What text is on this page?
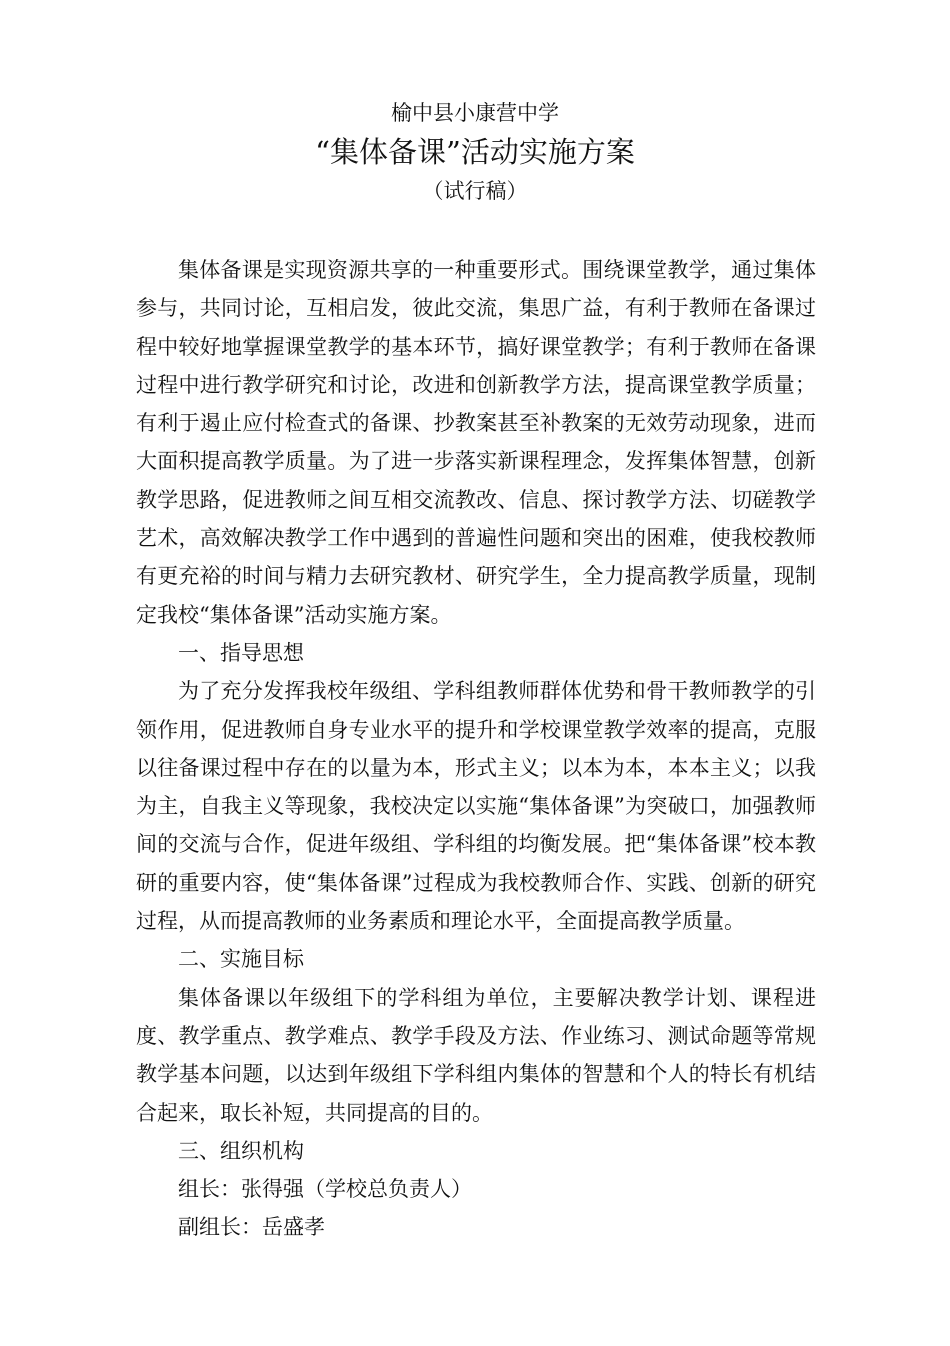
榆中县小康营中学
“集体备课”活动实施方案
（试行稿）

集体备课是实现资源共享的一种重要形式。围绕课堂教学，通过集体参与，共同讨论，互相启发，彼此交流，集思广益，有利于教师在备课过程中较好地掌握课堂教学的基本环节，搞好课堂教学；有利于教师在备课过程中进行教学研究和讨论，改进和创新教学方法，提高课堂教学质量；有利于遏止应付检查式的备课、抄教案甚至补教案的无效劳动现象，进而大面积提高教学质量。为了进一步落实新课程理念，发挥集体智慧，创新教学思路，促进教师之间互相交流教改、信息、探讨教学方法、切磋教学艺术，高效解决教学工作中遇到的普遍性问题和突出的困难，使我校教师有更充裕的时间与精力去研究教材、研究学生，全力提高教学质量，现制定我校“集体备课”活动实施方案。

一、指导思想

为了充分发挥我校年级组、学科组教师群体优势和骨干教师教学的引领作用，促进教师自身专业水平的提升和学校课堂教学效率的提高，克服以往备课过程中存在的以量为本，形式主义；以本为本，本本主义；以我为主，自我主义等现象，我校决定以实施“集体备课”为突破口，加强教师间的交流与合作，促进年级组、学科组的均衡发展。把“集体备课”校本教研的重要内容，使“集体备课”过程成为我校教师合作、实践、创新的研究过程，从而提高教师的业务素质和理论水平，全面提高教学质量。

二、实施目标

集体备课以年级组下的学科组为单位，主要解决教学计划、课程进度、教学重点、教学难点、教学手段及方法、作业练习、测试命题等常规教学基本问题，以达到年级组下学科组内集体的智慧和个人的特长有机结合起来，取长补短，共同提高的目的。

三、组织机构

组长：张得强（学校总负责人）

副组长：岳盛孝
